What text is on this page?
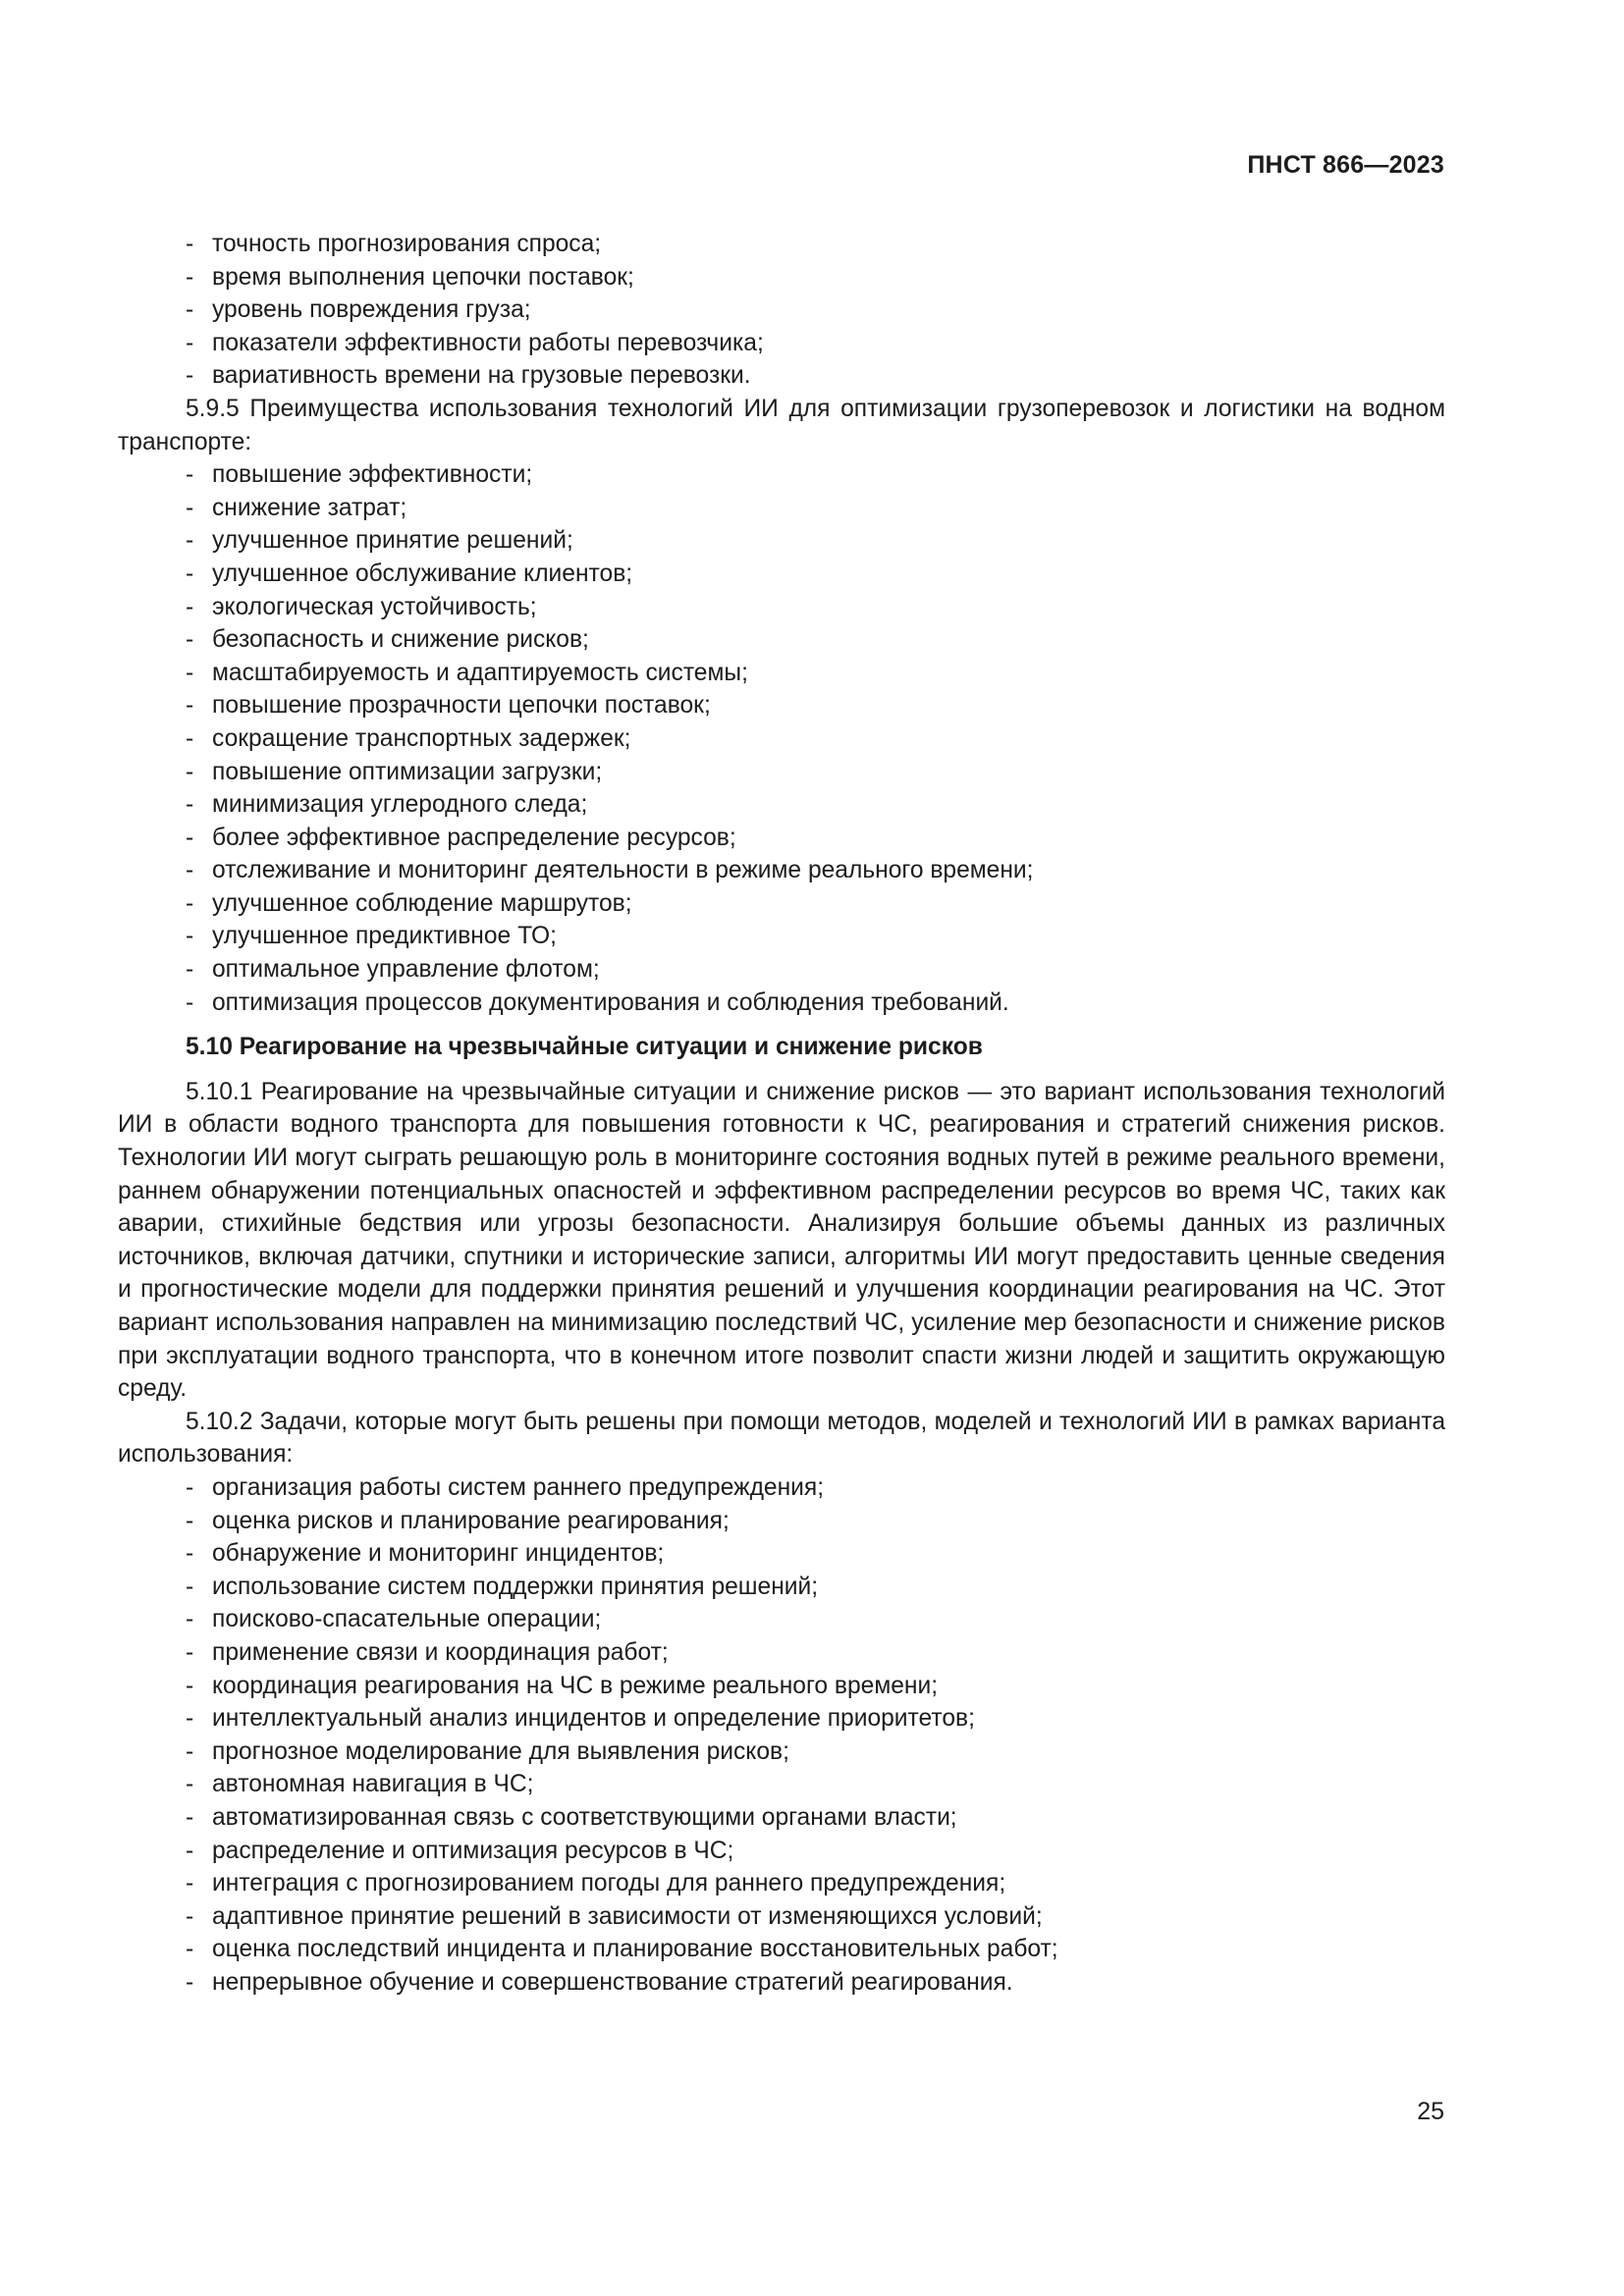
ПНСТ 866—2023
- точность прогнозирования спроса;
- время выполнения цепочки поставок;
- уровень повреждения груза;
- показатели эффективности работы перевозчика;
- вариативность времени на грузовые перевозки.
5.9.5 Преимущества использования технологий ИИ для оптимизации грузоперевозок и логистики на водном транспорте:
- повышение эффективности;
- снижение затрат;
- улучшенное принятие решений;
- улучшенное обслуживание клиентов;
- экологическая устойчивость;
- безопасность и снижение рисков;
- масштабируемость и адаптируемость системы;
- повышение прозрачности цепочки поставок;
- сокращение транспортных задержек;
- повышение оптимизации загрузки;
- минимизация углеродного следа;
- более эффективное распределение ресурсов;
- отслеживание и мониторинг деятельности в режиме реального времени;
- улучшенное соблюдение маршрутов;
- улучшенное предиктивное ТО;
- оптимальное управление флотом;
- оптимизация процессов документирования и соблюдения требований.
5.10 Реагирование на чрезвычайные ситуации и снижение рисков
5.10.1 Реагирование на чрезвычайные ситуации и снижение рисков — это вариант использования технологий ИИ в области водного транспорта для повышения готовности к ЧС, реагирования и стратегий снижения рисков. Технологии ИИ могут сыграть решающую роль в мониторинге состояния водных путей в режиме реального времени, раннем обнаружении потенциальных опасностей и эффективном распределении ресурсов во время ЧС, таких как аварии, стихийные бедствия или угрозы безопасности. Анализируя большие объемы данных из различных источников, включая датчики, спутники и исторические записи, алгоритмы ИИ могут предоставить ценные сведения и прогностические модели для поддержки принятия решений и улучшения координации реагирования на ЧС. Этот вариант использования направлен на минимизацию последствий ЧС, усиление мер безопасности и снижение рисков при эксплуатации водного транспорта, что в конечном итоге позволит спасти жизни людей и защитить окружающую среду.
5.10.2 Задачи, которые могут быть решены при помощи методов, моделей и технологий ИИ в рамках варианта использования:
- организация работы систем раннего предупреждения;
- оценка рисков и планирование реагирования;
- обнаружение и мониторинг инцидентов;
- использование систем поддержки принятия решений;
- поисково-спасательные операции;
- применение связи и координация работ;
- координация реагирования на ЧС в режиме реального времени;
- интеллектуальный анализ инцидентов и определение приоритетов;
- прогнозное моделирование для выявления рисков;
- автономная навигация в ЧС;
- автоматизированная связь с соответствующими органами власти;
- распределение и оптимизация ресурсов в ЧС;
- интеграция с прогнозированием погоды для раннего предупреждения;
- адаптивное принятие решений в зависимости от изменяющихся условий;
- оценка последствий инцидента и планирование восстановительных работ;
- непрерывное обучение и совершенствование стратегий реагирования.
25
